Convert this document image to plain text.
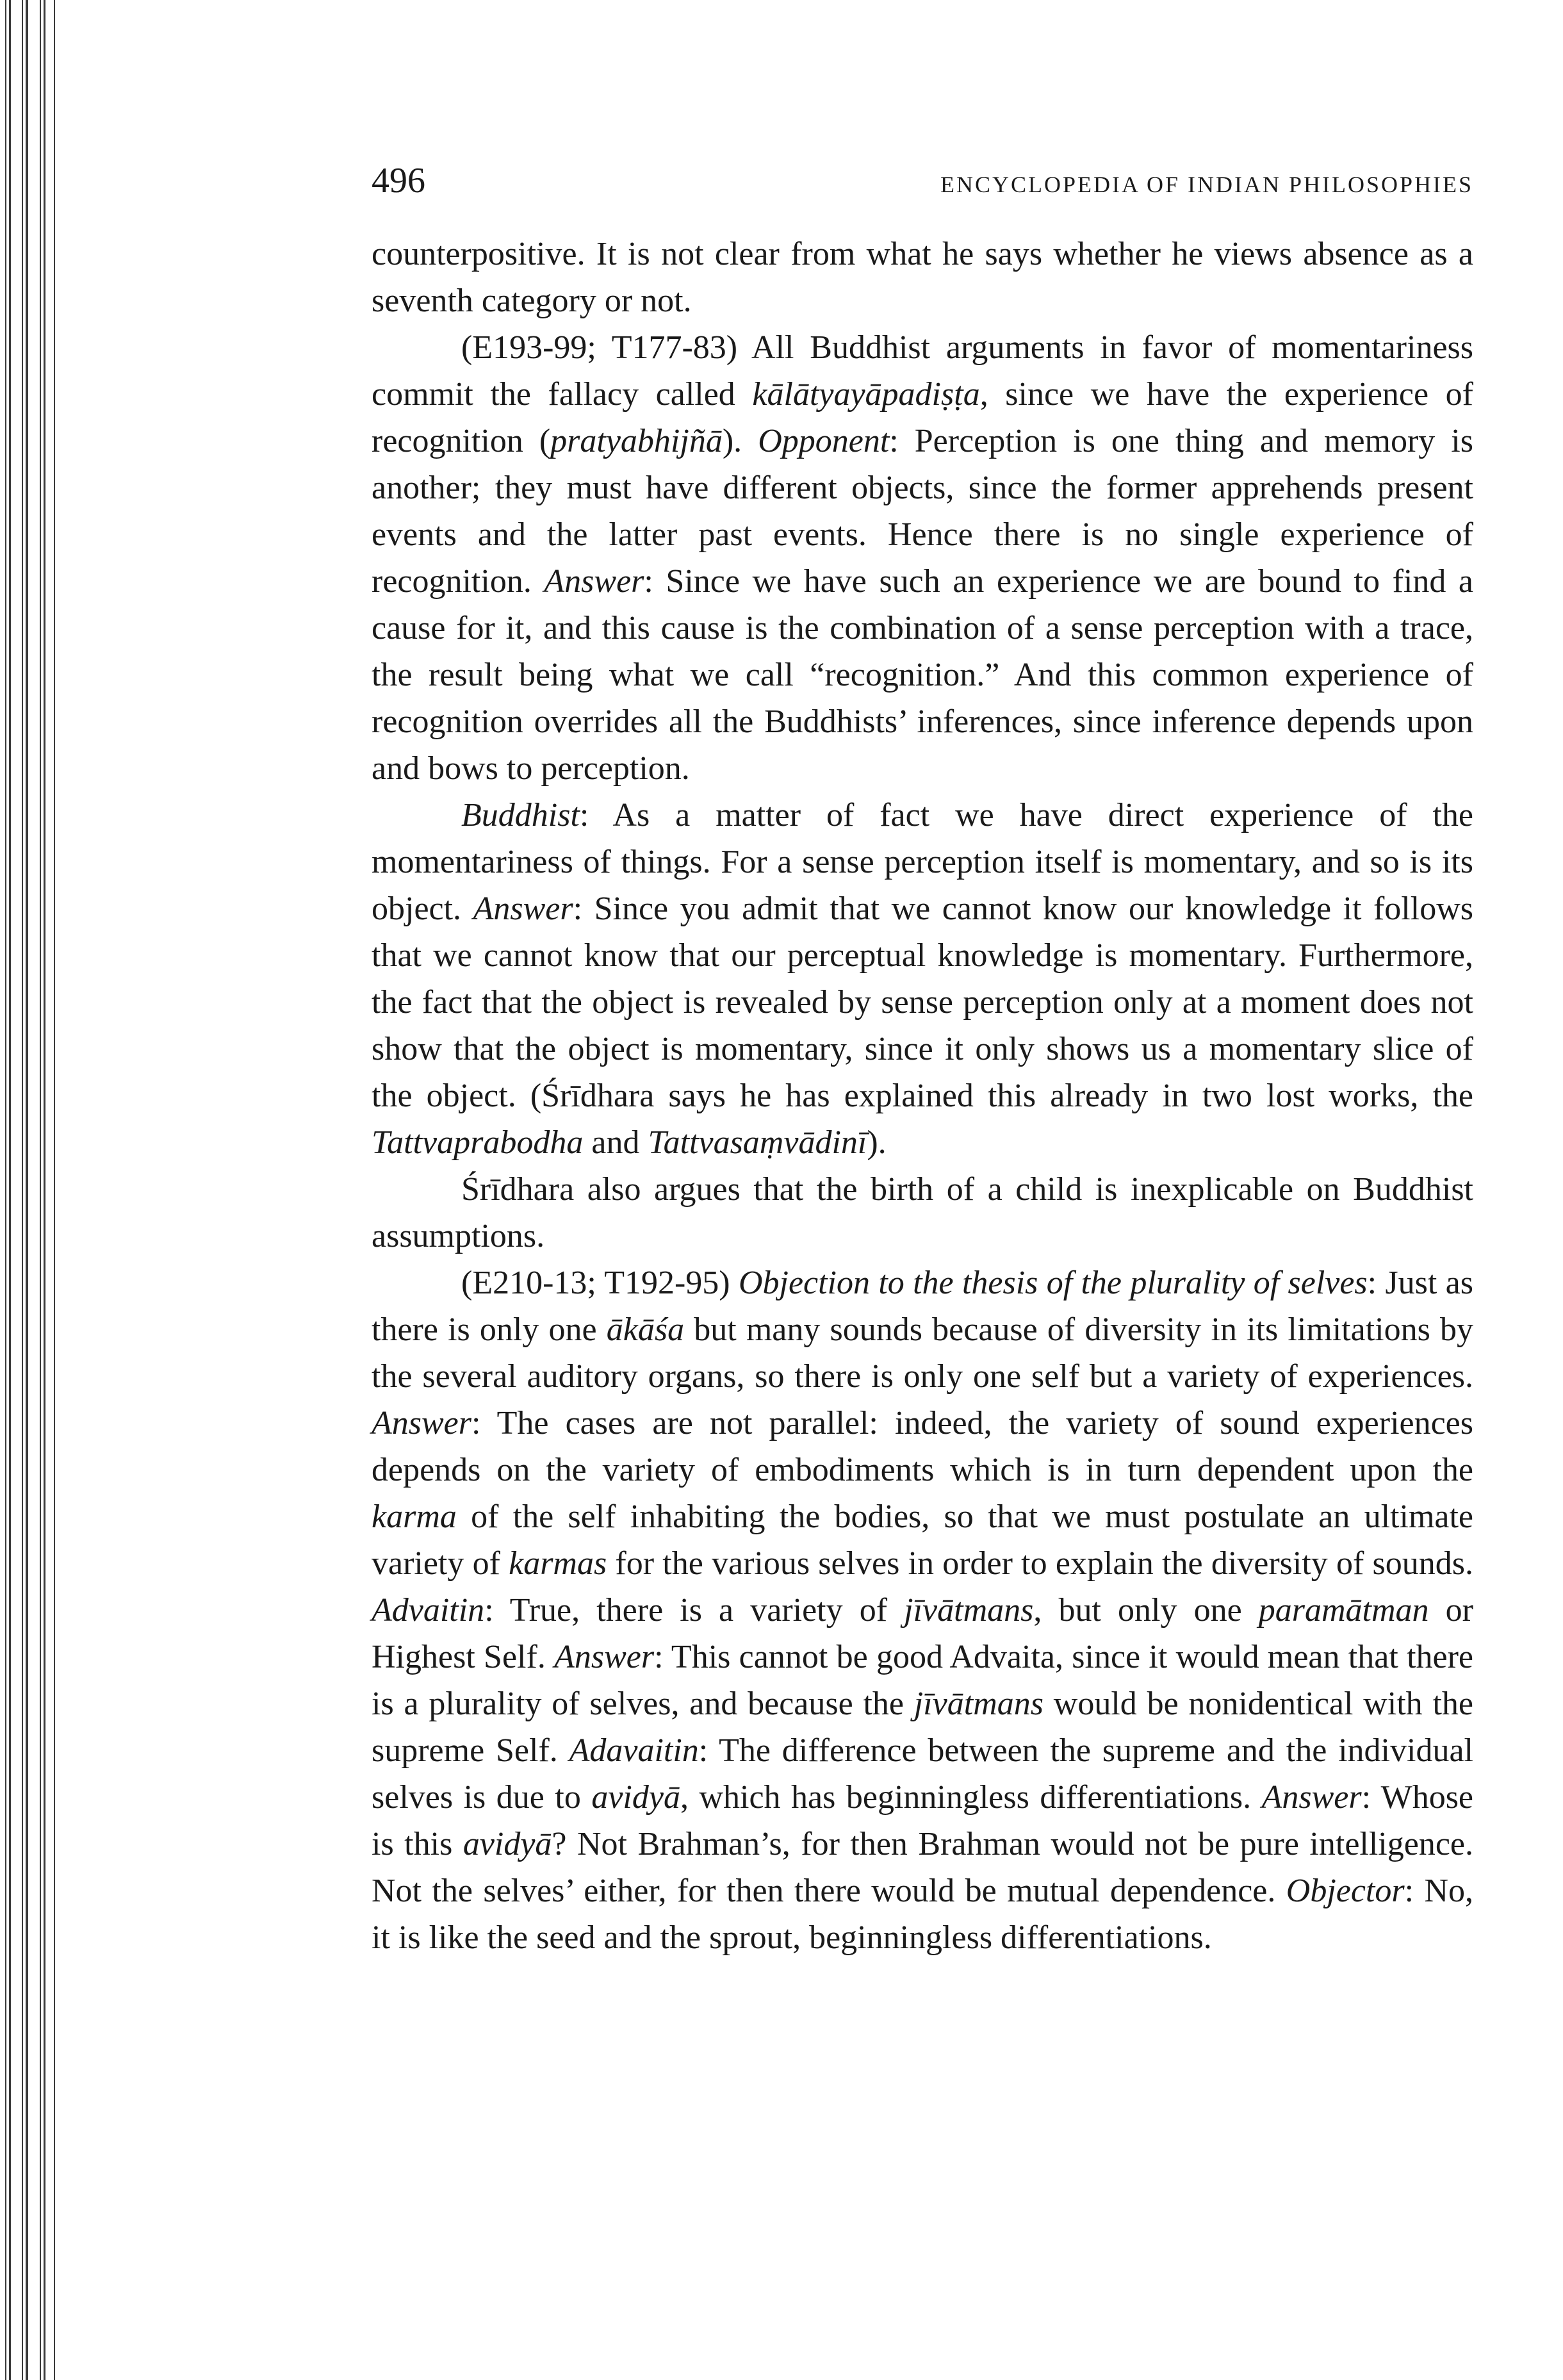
496	ENCYCLOPEDIA OF INDIAN PHILOSOPHIES

counterpositive. It is not clear from what he says whether he views absence as a seventh category or not.

(E193-99; T177-83) All Buddhist arguments in favor of momentariness commit the fallacy called kālātyayāpadiṣṭa, since we have the experience of recognition (pratyabhijñā). Opponent: Perception is one thing and memory is another; they must have different objects, since the former apprehends present events and the latter past events. Hence there is no single experience of recognition. Answer: Since we have such an experience we are bound to find a cause for it, and this cause is the combination of a sense perception with a trace, the result being what we call “recognition.” And this common experience of recognition overrides all the Buddhists’ inferences, since inference depends upon and bows to perception.

Buddhist: As a matter of fact we have direct experience of the momentariness of things. For a sense perception itself is momentary, and so is its object. Answer: Since you admit that we cannot know our knowledge it follows that we cannot know that our perceptual knowledge is momentary. Furthermore, the fact that the object is revealed by sense perception only at a moment does not show that the object is momentary, since it only shows us a momentary slice of the object. (Śrīdhara says he has explained this already in two lost works, the Tattvaprabodha and Tattvasaṃvādinī).

Śrīdhara also argues that the birth of a child is inexplicable on Buddhist assumptions.

(E210-13; T192-95) Objection to the thesis of the plurality of selves: Just as there is only one ākāśa but many sounds because of diversity in its limitations by the several auditory organs, so there is only one self but a variety of experiences. Answer: The cases are not parallel: indeed, the variety of sound experiences depends on the variety of embodiments which is in turn dependent upon the karma of the self inhabiting the bodies, so that we must postulate an ultimate variety of karmas for the various selves in order to explain the diversity of sounds. Advaitin: True, there is a variety of jīvātmans, but only one paramātman or Highest Self. Answer: This cannot be good Advaita, since it would mean that there is a plurality of selves, and because the jīvātmans would be nonidentical with the supreme Self. Adavaitin: The difference between the supreme and the individual selves is due to avidyā, which has beginningless differentiations. Answer: Whose is this avidyā? Not Brahman’s, for then Brahman would not be pure intelligence. Not the selves’ either, for then there would be mutual dependence. Objector: No, it is like the seed and the sprout, beginningless differentiations.
